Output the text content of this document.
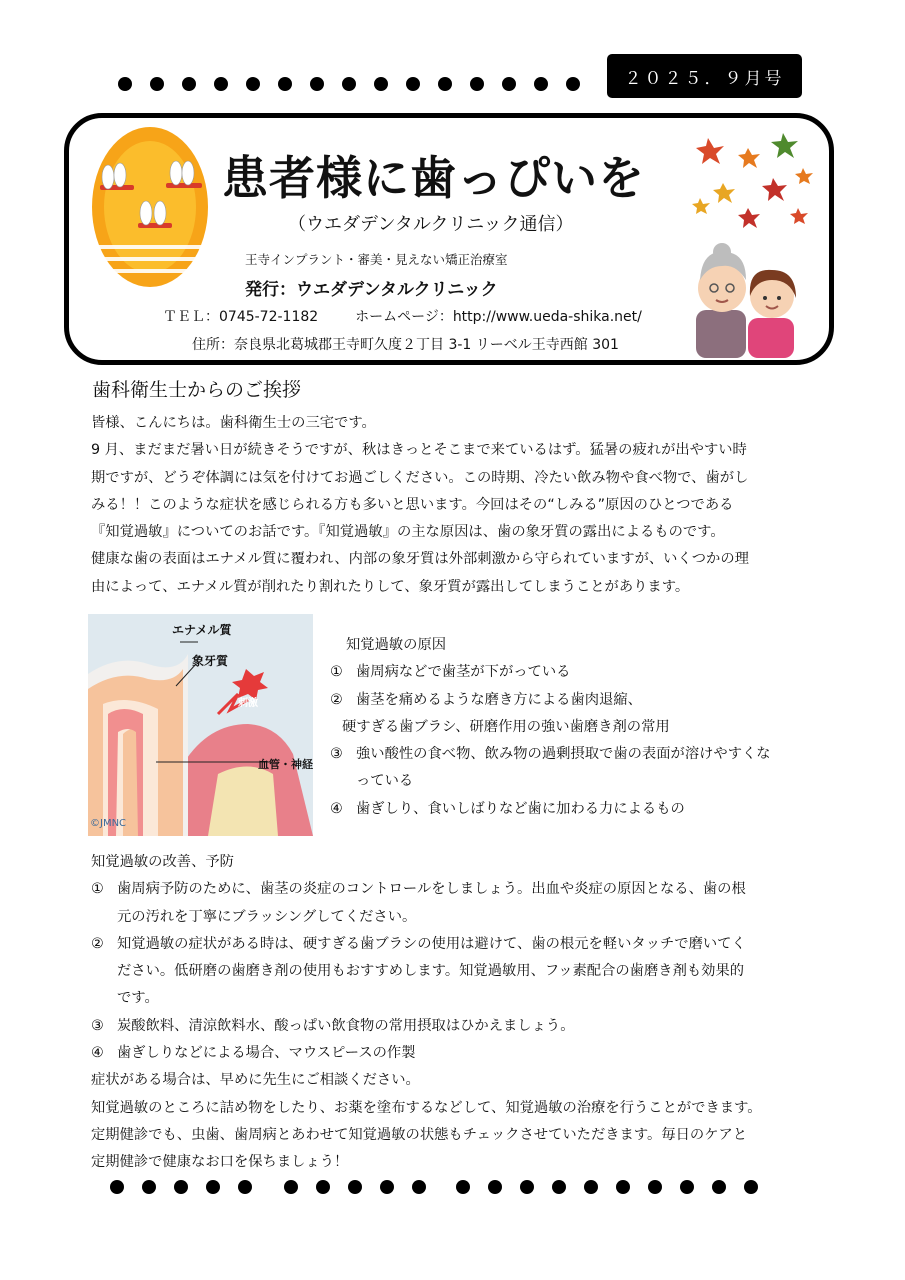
２０２５．９月号
患者様に歯っぴいを
（ウエダデンタルクリニック通信）
王寺インプラント・審美・見えない矯正治療室
発行：ウエダデンタルクリニック
ＴＥＬ：0745-72-1182	ホームページ：http://www.ueda-shika.net/
住所：奈良県北葛城郡王寺町久度２丁目 3-1 リーベル王寺西館 301
歯科衛生士からのご挨拶
皆様、こんにちは。歯科衛生士の三宅です。
9 月、まだまだ暑い日が続きそうですが、秋はきっとそこまで来ているはず。猛暑の疲れが出やすい時
期ですが、どうぞ体調には気を付けてお過ごしください。この時期、冷たい飲み物や食べ物で、歯がし
みる！！このような症状を感じられる方も多いと思います。今回はその“しみる”原因のひとつである
『知覚過敏』についてのお話です。『知覚過敏』の主な原因は、歯の象牙質の露出によるものです。
健康な歯の表面はエナメル質に覆われ、内部の象牙質は外部刺激から守られていますが、いくつかの理
由によって、エナメル質が削れたり割れたりして、象牙質が露出してしまうことがあります。
エナメル質
象牙質
刺激
血管・神経
©JMNC
知覚過敏の原因
① 歯周病などで歯茎が下がっている
② 歯茎を痛めるような磨き方による歯肉退縮、
硬すぎる歯ブラシ、研磨作用の強い歯磨き剤の常用
③ 強い酸性の食べ物、飲み物の過剰摂取で歯の表面が溶けやすくな
っている
④ 歯ぎしり、食いしばりなど歯に加わる力によるもの
知覚過敏の改善、予防
① 歯周病予防のために、歯茎の炎症のコントロールをしましょう。出血や炎症の原因となる、歯の根
元の汚れを丁寧にブラッシングしてください。
② 知覚過敏の症状がある時は、硬すぎる歯ブラシの使用は避けて、歯の根元を軽いタッチで磨いてく
ださい。低研磨の歯磨き剤の使用もおすすめします。知覚過敏用、フッ素配合の歯磨き剤も効果的
です。
③ 炭酸飲料、清涼飲料水、酸っぱい飲食物の常用摂取はひかえましょう。
④ 歯ぎしりなどによる場合、マウスピースの作製
症状がある場合は、早めに先生にご相談ください。
知覚過敏のところに詰め物をしたり、お薬を塗布するなどして、知覚過敏の治療を行うことができます。
定期健診でも、虫歯、歯周病とあわせて知覚過敏の状態もチェックさせていただきます。毎日のケアと
定期健診で健康なお口を保ちましょう！
